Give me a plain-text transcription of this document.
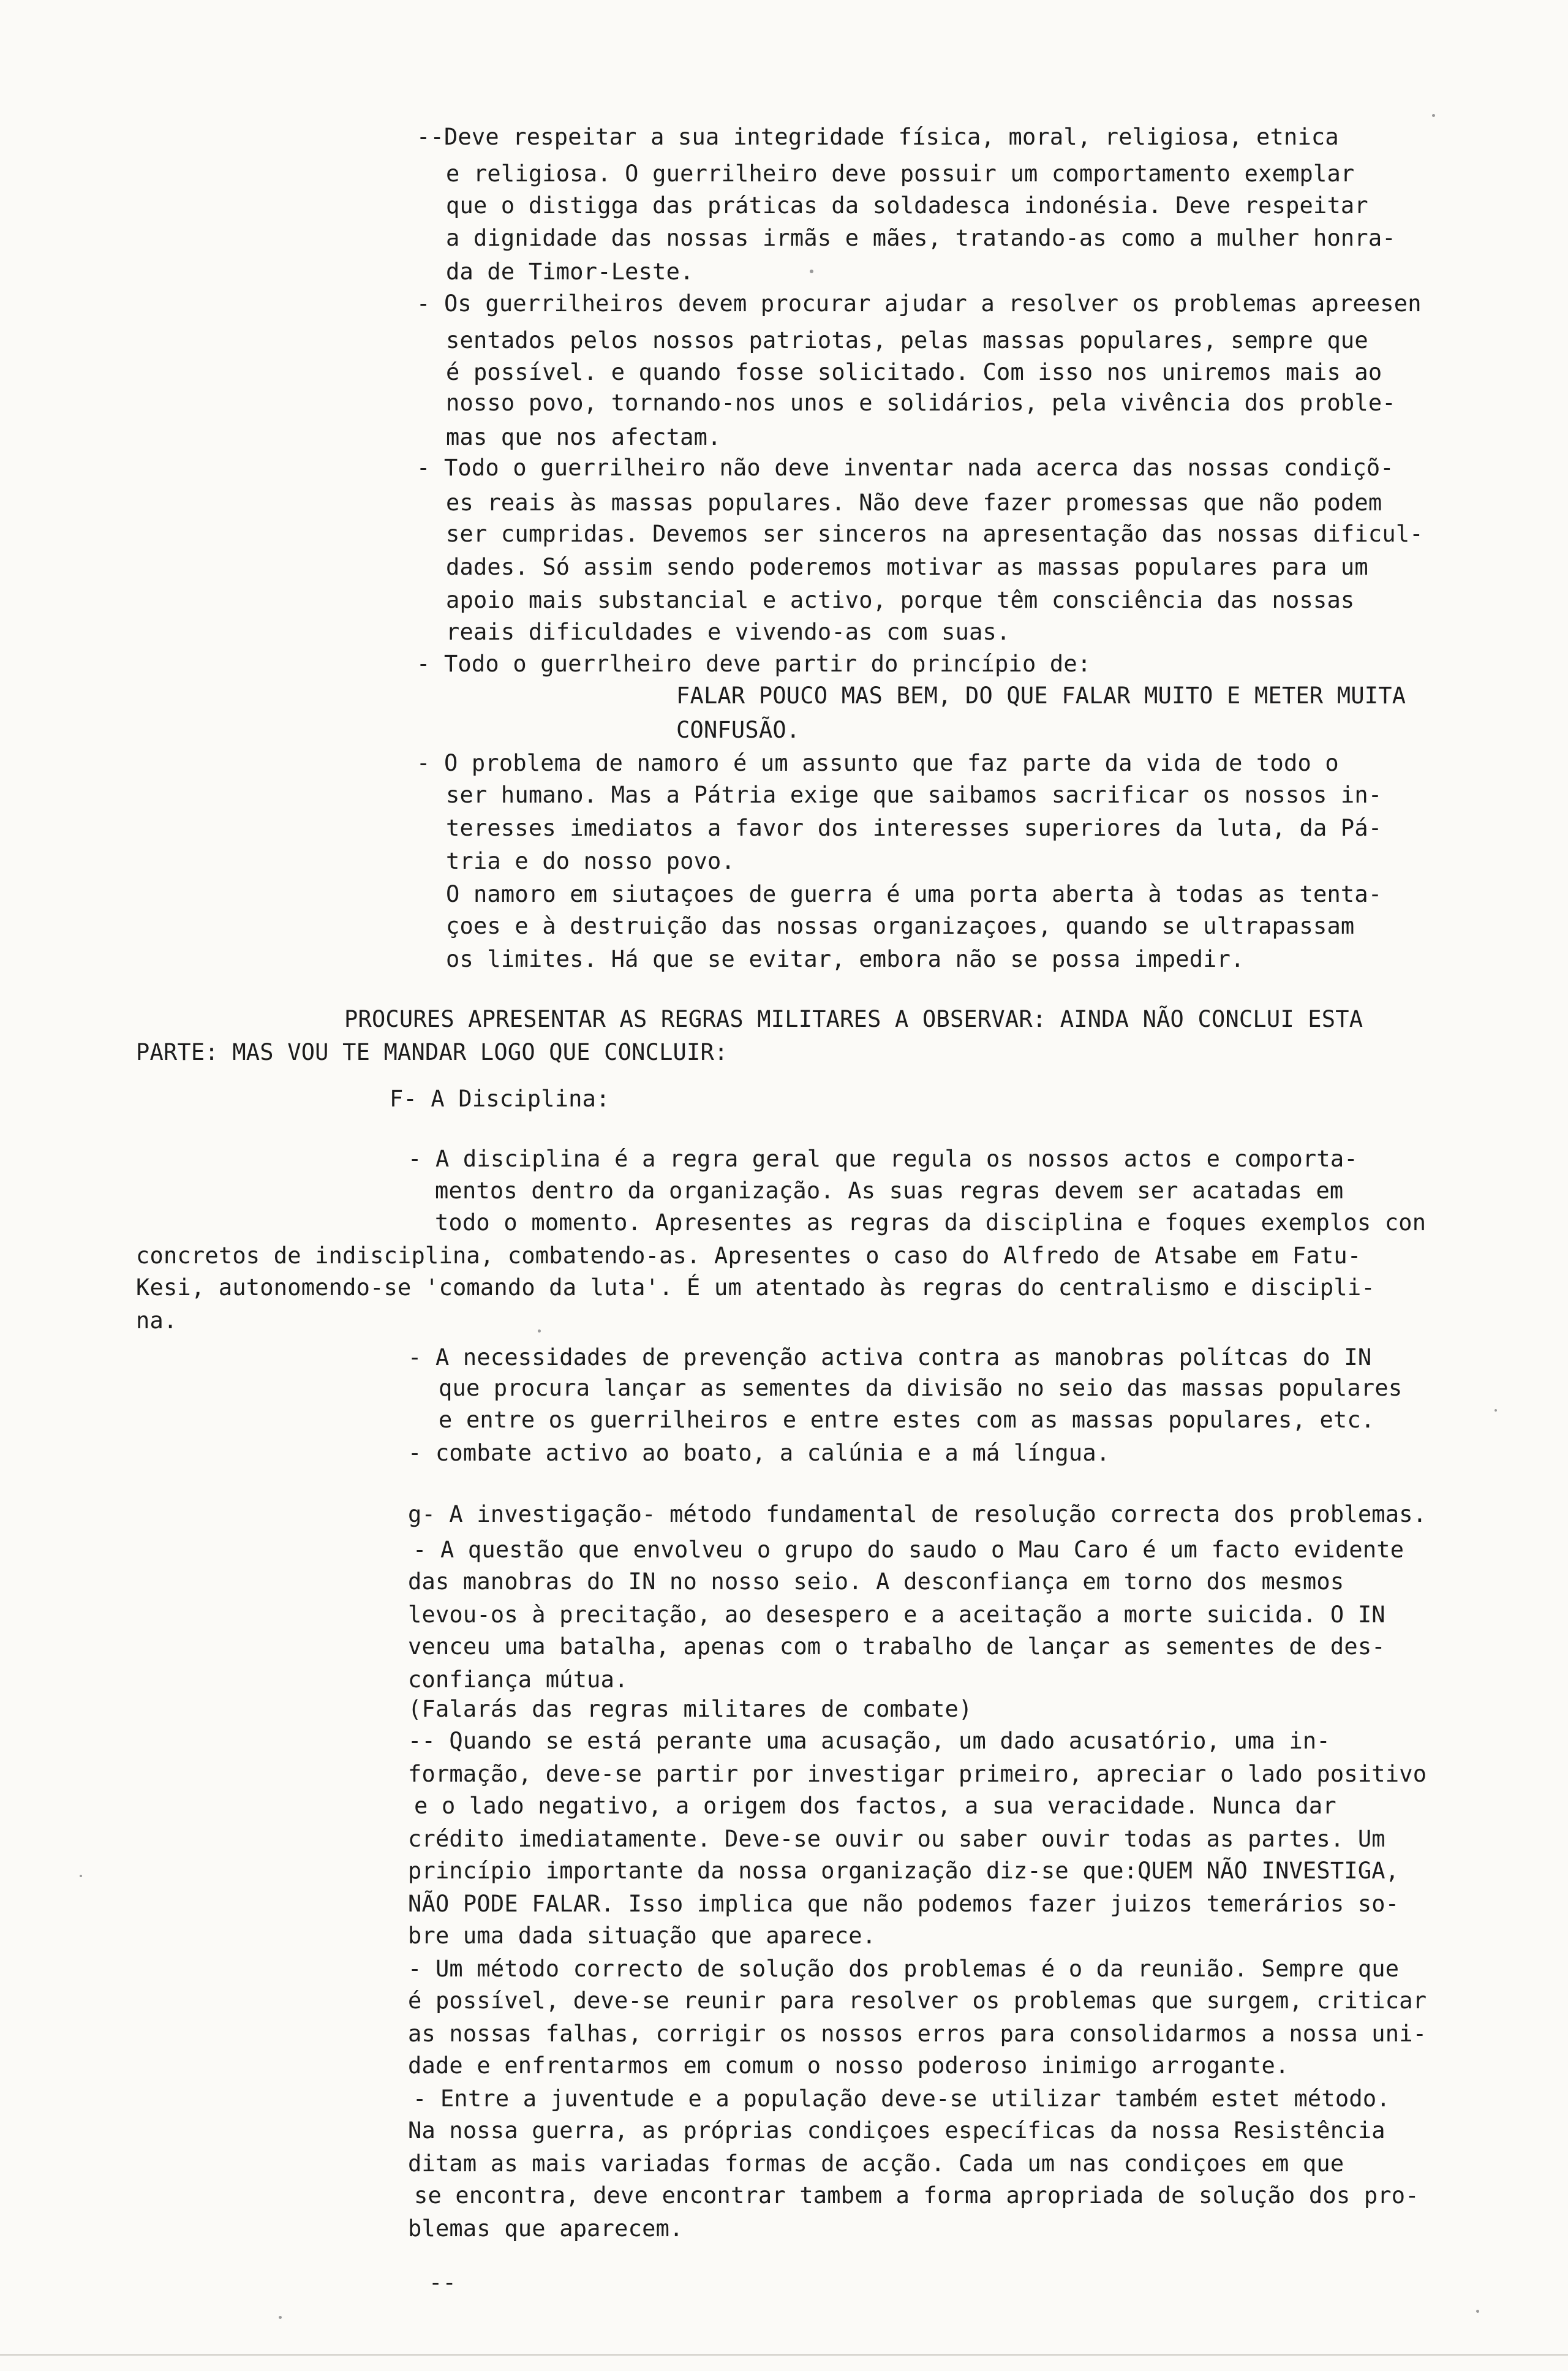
--Deve respeitar a sua integridade física, moral, religiosa, etnica
e religiosa. O guerrilheiro deve possuir um comportamento exemplar
que o distigga das práticas da soldadesca indonésia. Deve respeitar
a dignidade das nossas irmãs e mães, tratando-as como a mulher honra-
da de Timor-Leste.
- Os guerrilheiros devem procurar ajudar a resolver os problemas apreesen
sentados pelos nossos patriotas, pelas massas populares, sempre que
é possível. e quando fosse solicitado. Com isso nos uniremos mais ao
nosso povo, tornando-nos unos e solidários, pela vivência dos proble-
mas que nos afectam.
- Todo o guerrilheiro não deve inventar nada acerca das nossas condiçõ-
es reais às massas populares. Não deve fazer promessas que não podem
ser cumpridas. Devemos ser sinceros na apresentação das nossas dificul-
dades. Só assim sendo poderemos motivar as massas populares para um
apoio mais substancial e activo, porque têm consciência das nossas
reais dificuldades e vivendo-as com suas.
- Todo o guerrlheiro deve partir do princípio de:
FALAR POUCO MAS BEM, DO QUE FALAR MUITO E METER MUITA
CONFUSÃO.
- O problema de namoro é um assunto que faz parte da vida de todo o
ser humano. Mas a Pátria exige que saibamos sacrificar os nossos in-
teresses imediatos a favor dos interesses superiores da luta, da Pá-
tria e do nosso povo.
O namoro em siutaçoes de guerra é uma porta aberta à todas as tenta-
çoes e à destruição das nossas organizaçoes, quando se ultrapassam
os limites. Há que se evitar, embora não se possa impedir.
PROCURES APRESENTAR AS REGRAS MILITARES A OBSERVAR: AINDA NÃO CONCLUI ESTA
PARTE: MAS VOU TE MANDAR LOGO QUE CONCLUIR:
F- A Disciplina:
- A disciplina é a regra geral que regula os nossos actos e comporta-
mentos dentro da organização. As suas regras devem ser acatadas em
todo o momento. Apresentes as regras da disciplina e foques exemplos con
concretos de indisciplina, combatendo-as. Apresentes o caso do Alfredo de Atsabe em Fatu-
Kesi, autonomendo-se 'comando da luta'. É um atentado às regras do centralismo e discipli-
na.
- A necessidades de prevenção activa contra as manobras polítcas do IN
que procura lançar as sementes da divisão no seio das massas populares
e entre os guerrilheiros e entre estes com as massas populares, etc.
- combate activo ao boato, a calúnia e a má língua.
g- A investigação- método fundamental de resolução correcta dos problemas.
- A questão que envolveu o grupo do saudo o Mau Caro é um facto evidente
das manobras do IN no nosso seio. A desconfiança em torno dos mesmos
levou-os à precitação, ao desespero e a aceitação a morte suicida. O IN
venceu uma batalha, apenas com o trabalho de lançar as sementes de des-
confiança mútua.
(Falarás das regras militares de combate)
-- Quando se está perante uma acusação, um dado acusatório, uma in-
formação, deve-se partir por investigar primeiro, apreciar o lado positivo
e o lado negativo, a origem dos factos, a sua veracidade. Nunca dar
crédito imediatamente. Deve-se ouvir ou saber ouvir todas as partes. Um
princípio importante da nossa organização diz-se que:QUEM NÃO INVESTIGA,
NÃO PODE FALAR. Isso implica que não podemos fazer juizos temerários so-
bre uma dada situação que aparece.
- Um método correcto de solução dos problemas é o da reunião. Sempre que
é possível, deve-se reunir para resolver os problemas que surgem, criticar
as nossas falhas, corrigir os nossos erros para consolidarmos a nossa uni-
dade e enfrentarmos em comum o nosso poderoso inimigo arrogante.
- Entre a juventude e a população deve-se utilizar também estet método.
Na nossa guerra, as próprias condiçoes específicas da nossa Resistência
ditam as mais variadas formas de acção. Cada um nas condiçoes em que
se encontra, deve encontrar tambem a forma apropriada de solução dos pro-
blemas que aparecem.
--
